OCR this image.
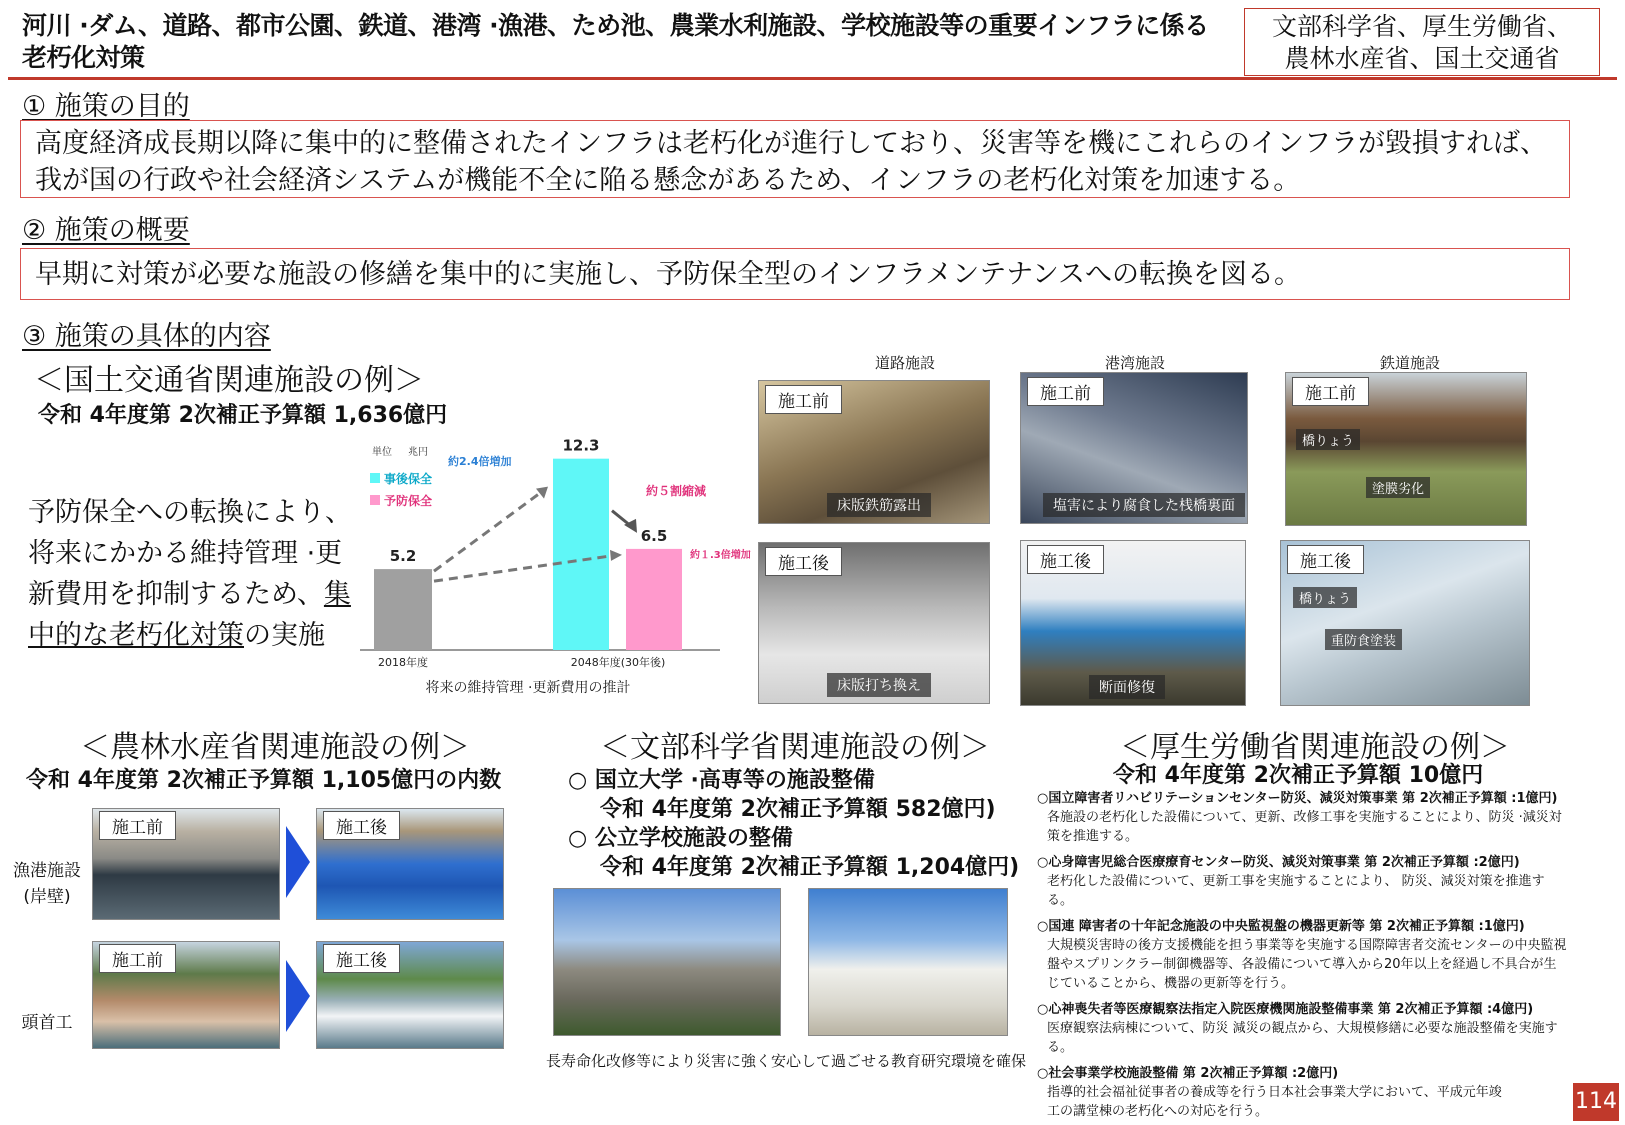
河川 ·ダム、道路、都市公園、鉄道、港湾 ·漁港、ため池、農業水利施設、学校施設等の重要インフラに係る老朽化対策
文部科学省、厚生労働省、
農林水産省、国土交通省
① 施策の目的
高度経済成長期以降に集中的に整備されたインフラは老朽化が進行しており、災害等を機にこれらのインフラが毀損すれば、我が国の行政や社会経済システムが機能不全に陥る懸念があるため、インフラの老朽化対策を加速する。
② 施策の概要
早期に対策が必要な施設の修繕を集中的に実施し、予防保全型のインフラメンテナンスへの転換を図る。
③ 施策の具体的内容
＜国土交通省関連施設の例＞
令和 4年度第 2次補正予算額 1,636億円
予防保全への転換により、将来にかかる維持管理 ·更新費用を抑制するため、集中的な老朽化対策の実施
5.2
12.3
6.5
2018年度	2048年度(30年後)
将来の維持管理 ·更新費用の推計
単位 兆円
事後保全
予防保全
約2.4倍増加
約１.3倍増加
約５割縮減
道路施設
施工前
床版鉄筋露出
施工後
床版打ち換え
港湾施設
施工前
塩害により腐食した桟橋裏面
施工後
断面修復
鉄道施設
施工前
橋りょう
塗膜劣化
施工後
橋りょう
重防食塗装
＜農林水産省関連施設の例＞
令和 4年度第 2次補正予算額 1,105億円の内数
漁港施設(岸壁)
頭首工
施工前	施工後
施工前	施工後
＜文部科学省関連施設の例＞
○ 国立大学 ·高専等の施設整備
令和 4年度第 2次補正予算額 582億円)
○ 公立学校施設の整備
令和 4年度第 2次補正予算額 1,204億円)
長寿命化改修等により災害に強く安心して過ごせる教育研究環境を確保
＜厚生労働省関連施設の例＞
令和 4年度第 2次補正予算額 10億円
○国立障害者リハビリテーションセンター防災、減災対策事業 第 2次補正予算額 :1億円)
各施設の老朽化した設備について、更新、改修工事を実施することにより、防災 ·減災対策を推進する。
○心身障害児総合医療療育センター防災、減災対策事業 第 2次補正予算額 :2億円)
老朽化した設備について、更新工事を実施することにより、 防災、減災対策を推進する。
○国連 障害者の十年記念施設の中央監視盤の機器更新等 第 2次補正予算額 :1億円)
大規模災害時の後方支援機能を担う事業等を実施する国際障害者交流センターの中央監視盤やスプリンクラー制御機器等、各設備について導入から20年以上を経過し不具合が生じていることから、機器の更新等を行う。
○心神喪失者等医療観察法指定入院医療機関施設整備事業 第 2次補正予算額 :4億円)
医療観察法病棟について、防災 減災の観点から、大規模修繕に必要な施設整備を実施する。
○社会事業学校施設整備 第 2次補正予算額 :2億円)
指導的社会福祉従事者の養成等を行う日本社会事業大学において、平成元年竣工の講堂棟の老朽化への対応を行う。	114
